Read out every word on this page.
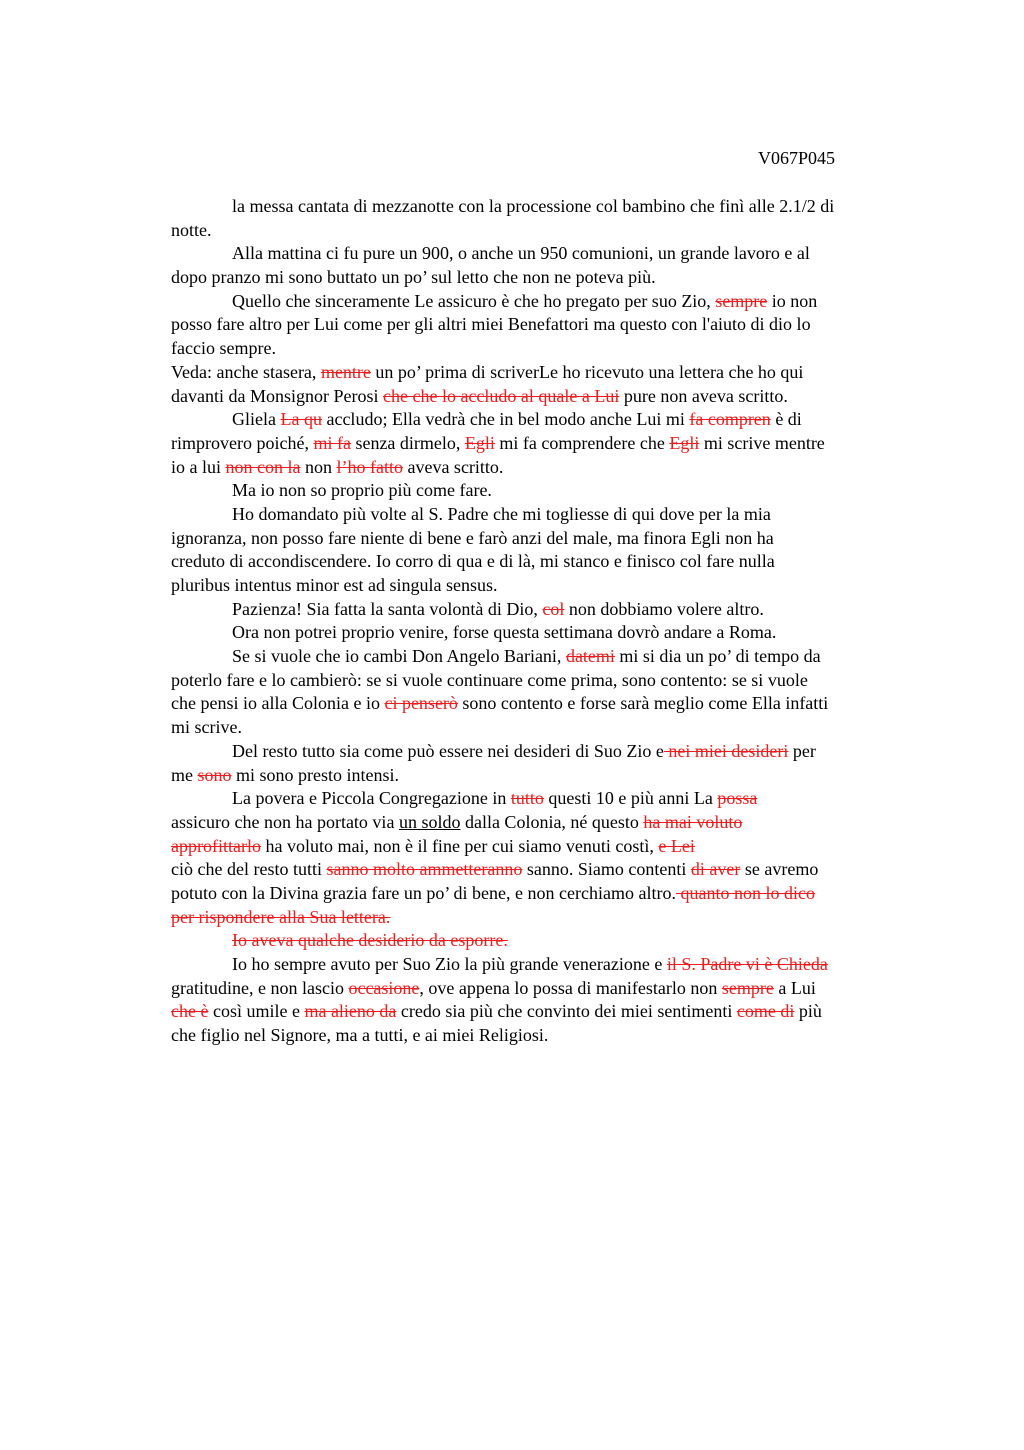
V067P045
la messa cantata di mezzanotte con la processione col bambino che finì alle 2.1/2 di
notte.
Alla mattina ci fu pure un 900, o anche un 950 comunioni, un grande lavoro e al
dopo pranzo mi sono buttato un po’ sul letto che non ne poteva più.
Quello che sinceramente Le assicuro è che ho pregato per suo Zio, sempre io non
posso fare altro per Lui come per gli altri miei Benefattori ma questo con l'aiuto di dio lo
faccio sempre.
Veda: anche stasera, mentre un po’ prima di scriverLe ho ricevuto una lettera che ho qui
davanti da Monsignor Perosi che che lo accludo al quale a Lui pure non aveva scritto.
Gliela La qu accludo; Ella vedrà che in bel modo anche Lui mi fa compren è di
rimprovero poiché, mi fa senza dirmelo, Egli mi fa comprendere che Egli mi scrive mentre
io a lui non con la non l’ho fatto aveva scritto.
Ma io non so proprio più come fare.
Ho domandato più volte al S. Padre che mi togliesse di qui dove per la mia
ignoranza, non posso fare niente di bene e farò anzi del male, ma finora Egli non ha
creduto di accondiscendere. Io corro di qua e di là, mi stanco e finisco col fare nulla
pluribus intentus minor est ad singula sensus.
Pazienza! Sia fatta la santa volontà di Dio, col non dobbiamo volere altro.
Ora non potrei proprio venire, forse questa settimana dovrò andare a Roma.
Se si vuole che io cambi Don Angelo Bariani, datemi mi si dia un po’ di tempo da
poterlo fare e lo cambierò: se si vuole continuare come prima, sono contento: se si vuole
che pensi io alla Colonia e io ci penserò sono contento e forse sarà meglio come Ella infatti
mi scrive.
Del resto tutto sia come può essere nei desideri di Suo Zio e nei miei desideri per
me sono mi sono presto intensi.
La povera e Piccola Congregazione in tutto questi 10 e più anni La possa
assicuro che non ha portato via un soldo dalla Colonia, né questo ha mai voluto
approfittarlo ha voluto mai, non è il fine per cui siamo venuti costì, e Lei
ciò che del resto tutti sanno molto ammetteranno sanno. Siamo contenti di aver se avremo
potuto con la Divina grazia fare un po’ di bene, e non cerchiamo altro. quanto non lo dico
per rispondere alla Sua lettera.
Io aveva qualche desiderio da esporre.
Io ho sempre avuto per Suo Zio la più grande venerazione e il S. Padre vi è Chieda
gratitudine, e non lascio occasione, ove appena lo possa di manifestarlo non sempre a Lui
che è così umile e ma alieno da credo sia più che convinto dei miei sentimenti come di più
che figlio nel Signore, ma a tutti, e ai miei Religiosi.
